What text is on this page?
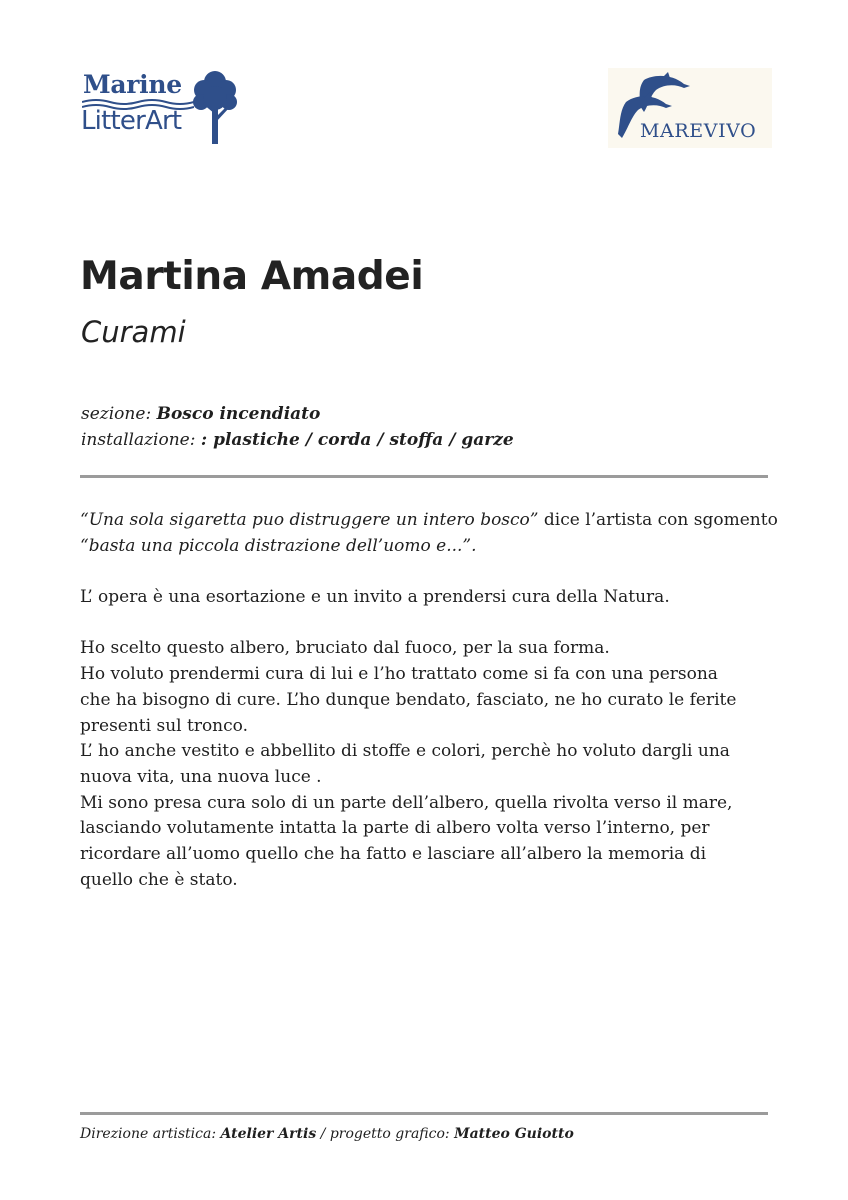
Marine
LitterArt	MAREVIVO
Martina Amadei
Curami
sezione: Bosco incendiato
installazione: : plastiche / corda / stoffa / garze

“Una sola sigaretta puo distruggere un intero bosco” dice l’artista con sgomento

“basta una piccola distrazione dell’uomo e...”.

L’ opera è una esortazione e un invito a prendersi cura della Natura.

Ho scelto questo albero, bruciato dal fuoco, per la sua forma.

Ho voluto prendermi cura di lui e l’ho trattato come si fa con una persona

che ha bisogno di cure. L’ho dunque bendato, fasciato, ne ho curato le ferite

presenti sul tronco.

L’ ho anche vestito e abbellito di stoffe e colori, perchè ho voluto dargli una

nuova vita, una nuova luce .

Mi sono presa cura solo di un parte dell’albero, quella rivolta verso il mare,

lasciando volutamente intatta la parte di albero volta verso l’interno, per

ricordare all’uomo quello che ha fatto e lasciare all’albero la memoria di

quello che è stato.

Direzione artistica: Atelier Artis / progetto grafico: Matteo Guiotto
